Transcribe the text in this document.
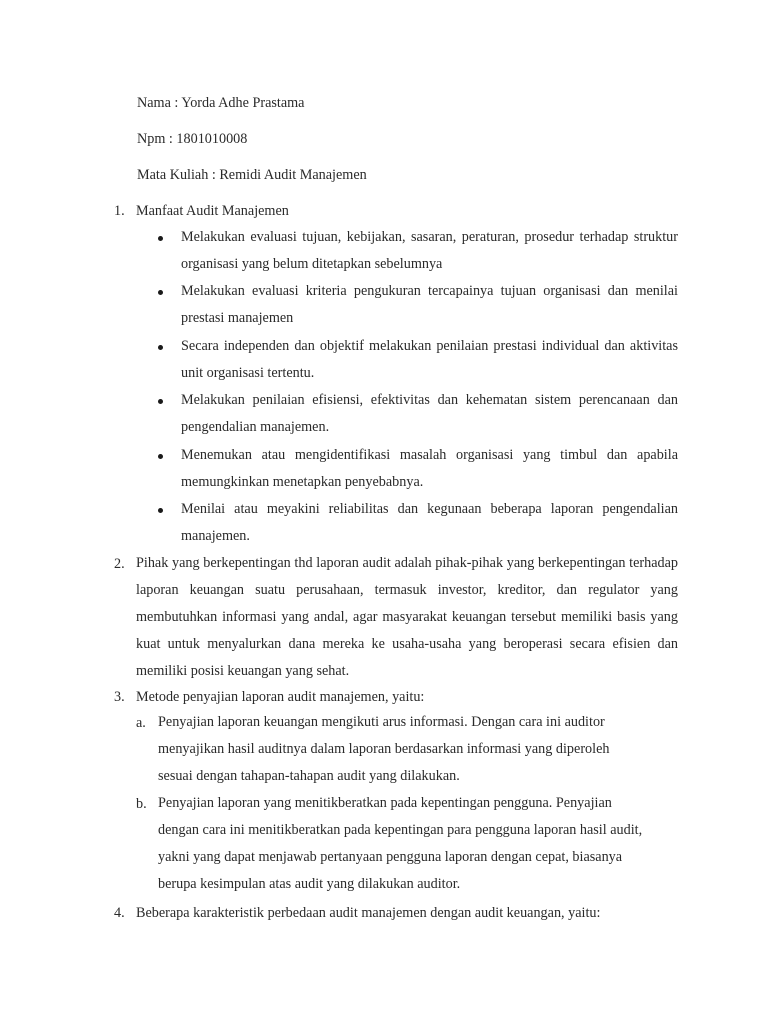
Nama : Yorda Adhe Prastama
Npm : 1801010008
Mata Kuliah : Remidi Audit Manajemen
1. Manfaat Audit Manajemen
Melakukan evaluasi tujuan, kebijakan, sasaran, peraturan, prosedur terhadap struktur organisasi yang belum ditetapkan sebelumnya
Melakukan evaluasi kriteria pengukuran tercapainya tujuan organisasi dan menilai prestasi manajemen
Secara independen dan objektif melakukan penilaian prestasi individual dan aktivitas unit organisasi tertentu.
Melakukan penilaian efisiensi, efektivitas dan kehematan sistem perencanaan dan pengendalian manajemen.
Menemukan atau mengidentifikasi masalah organisasi yang timbul dan apabila memungkinkan menetapkan penyebabnya.
Menilai atau meyakini reliabilitas dan kegunaan beberapa laporan pengendalian manajemen.
2. Pihak yang berkepentingan thd laporan audit adalah pihak-pihak yang berkepentingan terhadap laporan keuangan suatu perusahaan, termasuk investor, kreditor, dan regulator yang membutuhkan informasi yang andal, agar masyarakat keuangan tersebut memiliki basis yang kuat untuk menyalurkan dana mereka ke usaha-usaha yang beroperasi secara efisien dan memiliki posisi keuangan yang sehat.
3. Metode penyajian laporan audit manajemen, yaitu:
a. Penyajian laporan keuangan mengikuti arus informasi. Dengan cara ini auditor
menyajikan hasil auditnya dalam laporan berdasarkan informasi yang diperoleh
sesuai dengan tahapan-tahapan audit yang dilakukan.
b. Penyajian laporan yang menitikberatkan pada kepentingan pengguna. Penyajian
dengan cara ini menitikberatkan pada kepentingan para pengguna laporan hasil audit,
yakni yang dapat menjawab pertanyaan pengguna laporan dengan cepat, biasanya
berupa kesimpulan atas audit yang dilakukan auditor.
4. Beberapa karakteristik perbedaan audit manajemen dengan audit keuangan, yaitu:
